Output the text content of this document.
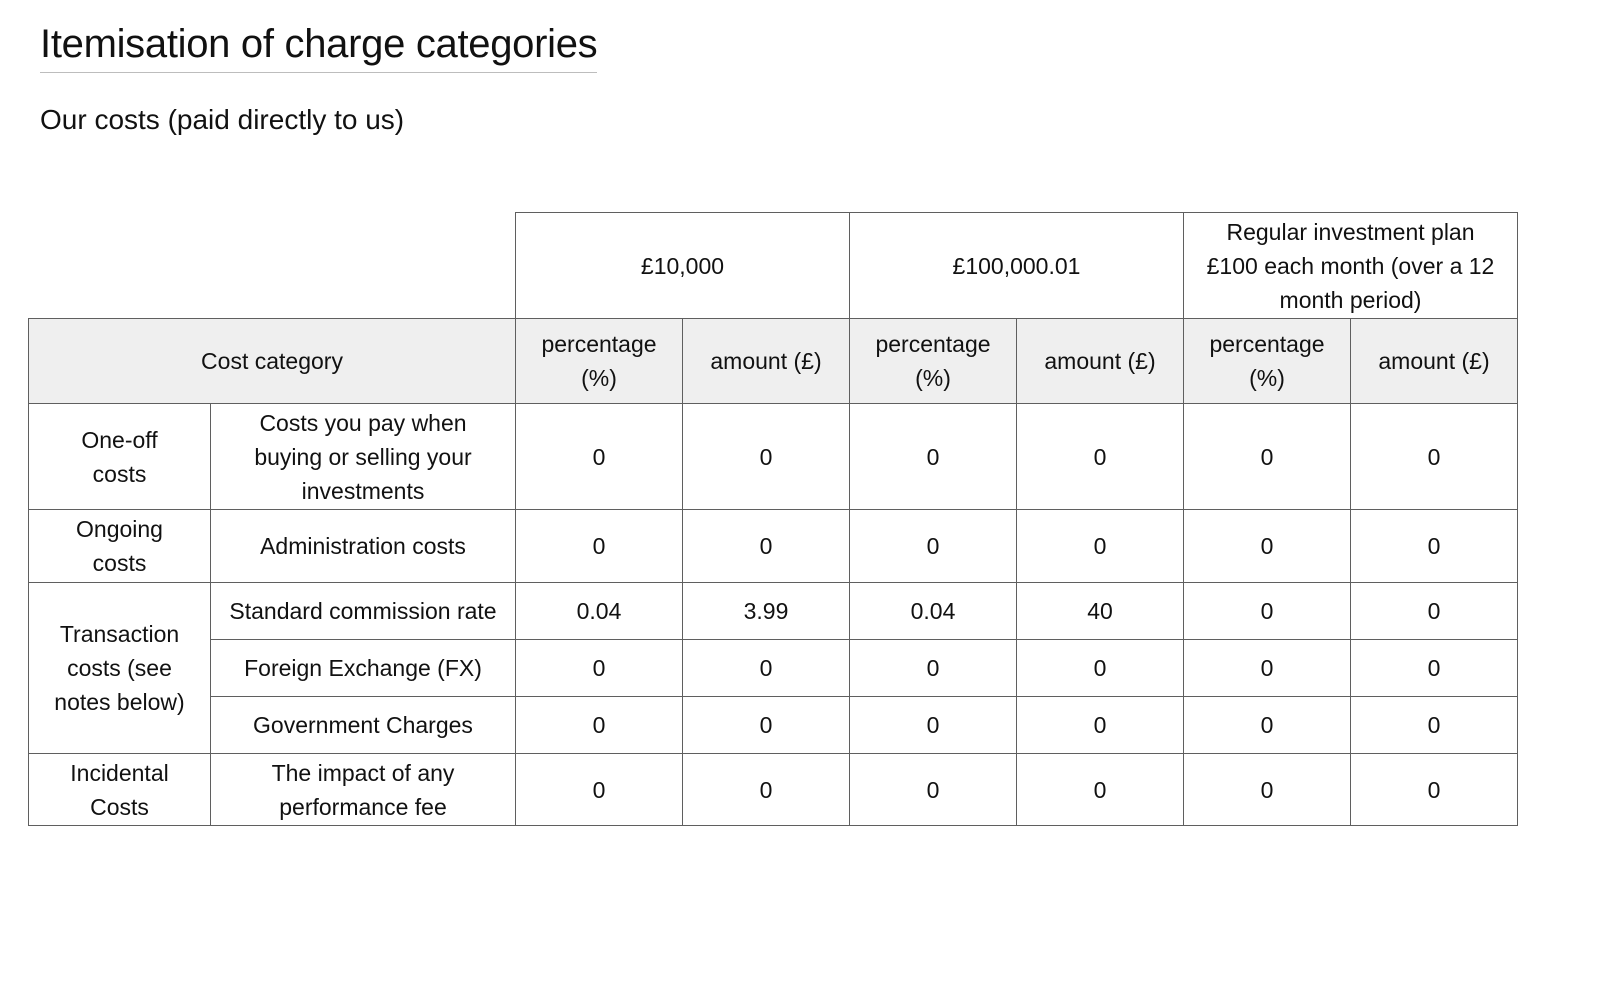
Itemisation of charge categories
Our costs (paid directly to us)
		£10,000		£100,000.01		Regular investment plan £100 each month (over a 12 month period)	
Cost category		percentage (%)	amount (£)	percentage (%)	amount (£)	percentage (%)	amount (£)
One-off costs	Costs you pay when buying or selling your investments	0	0	0	0	0	0
Ongoing costs	Administration costs	0	0	0	0	0	0
Transaction costs (see notes below)	Standard commission rate	0.04	3.99	0.04	40	0	0
	Foreign Exchange (FX)	0	0	0	0	0	0
	Government Charges	0	0	0	0	0	0
Incidental Costs	The impact of any performance fee	0	0	0	0	0	0
